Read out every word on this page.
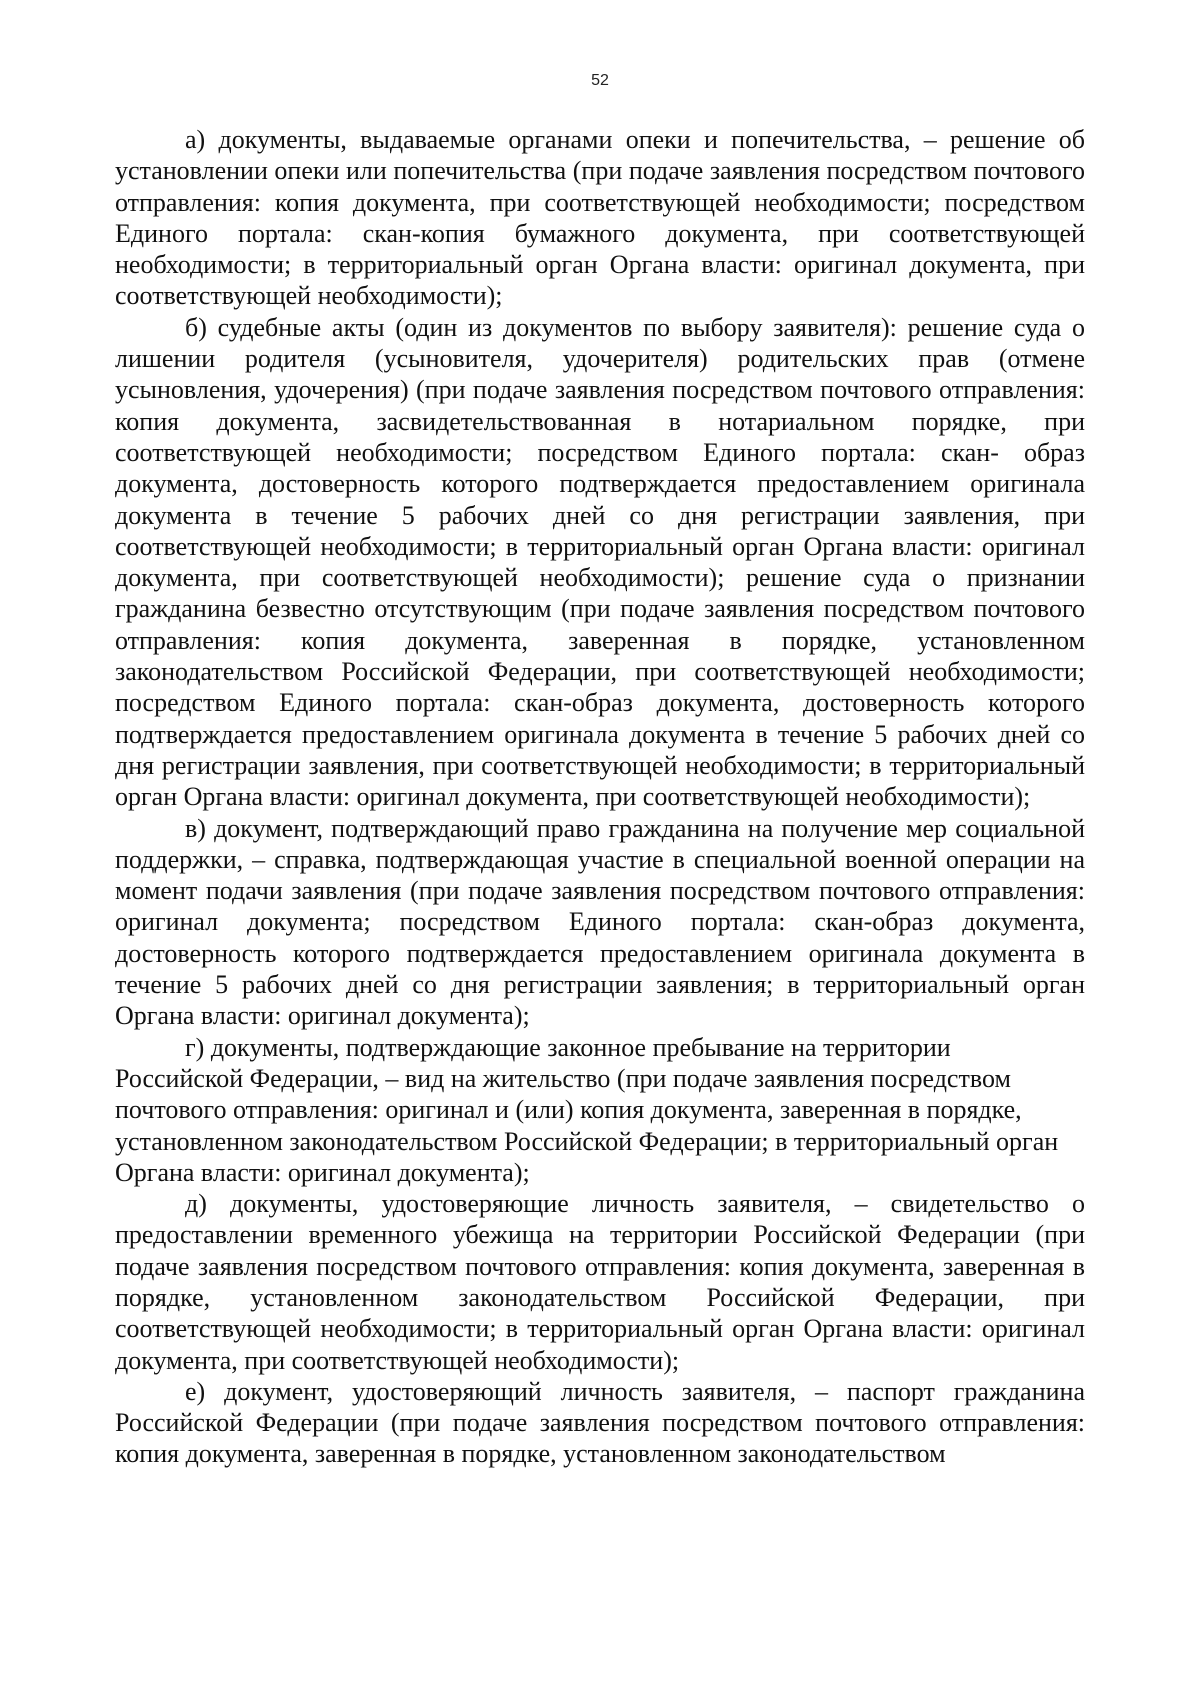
52

а) документы, выдаваемые органами опеки и попечительства, – решение об установлении опеки или попечительства (при подаче заявления посредством почтового отправления: копия документа, при соответствующей необходимости; посредством Единого портала: скан-копия бумажного документа, при соответствующей необходимости; в территориальный орган Органа власти: оригинал документа, при соответствующей необходимости);

б) судебные акты (один из документов по выбору заявителя): решение суда о лишении родителя (усыновителя, удочерителя) родительских прав (отмене усыновления, удочерения) (при подаче заявления посредством почтового отправления: копия документа, засвидетельствованная в нотариальном порядке, при соответствующей необходимости; посредством Единого портала: скан- образ документа, достоверность которого подтверждается предоставлением оригинала документа в течение 5 рабочих дней со дня регистрации заявления, при соответствующей необходимости; в территориальный орган Органа власти: оригинал документа, при соответствующей необходимости); решение суда о признании гражданина безвестно отсутствующим (при подаче заявления посредством почтового отправления: копия документа, заверенная в порядке, установленном законодательством Российской Федерации, при соответствующей необходимости; посредством Единого портала: скан-образ документа, достоверность которого подтверждается предоставлением оригинала документа в течение 5 рабочих дней со дня регистрации заявления, при соответствующей необходимости; в территориальный орган Органа власти: оригинал документа, при соответствующей необходимости);

в) документ, подтверждающий право гражданина на получение мер социальной поддержки, – справка, подтверждающая участие в специальной военной операции на момент подачи заявления (при подаче заявления посредством почтового отправления: оригинал документа; посредством Единого портала: скан-образ документа, достоверность которого подтверждается предоставлением оригинала документа в течение 5 рабочих дней со дня регистрации заявления; в территориальный орган Органа власти: оригинал документа);

г) документы, подтверждающие законное пребывание на территории Российской Федерации, – вид на жительство (при подаче заявления посредством почтового отправления: оригинал и (или) копия документа, заверенная в порядке, установленном законодательством Российской Федерации; в территориальный орган Органа власти: оригинал документа);

д) документы, удостоверяющие личность заявителя, – свидетельство о предоставлении временного убежища на территории Российской Федерации (при подаче заявления посредством почтового отправления: копия документа, заверенная в порядке, установленном законодательством Российской Федерации, при соответствующей необходимости; в территориальный орган Органа власти: оригинал документа, при соответствующей необходимости);

е) документ, удостоверяющий личность заявителя, – паспорт гражданина Российской Федерации (при подаче заявления посредством почтового отправления: копия документа, заверенная в порядке, установленном законодательством
